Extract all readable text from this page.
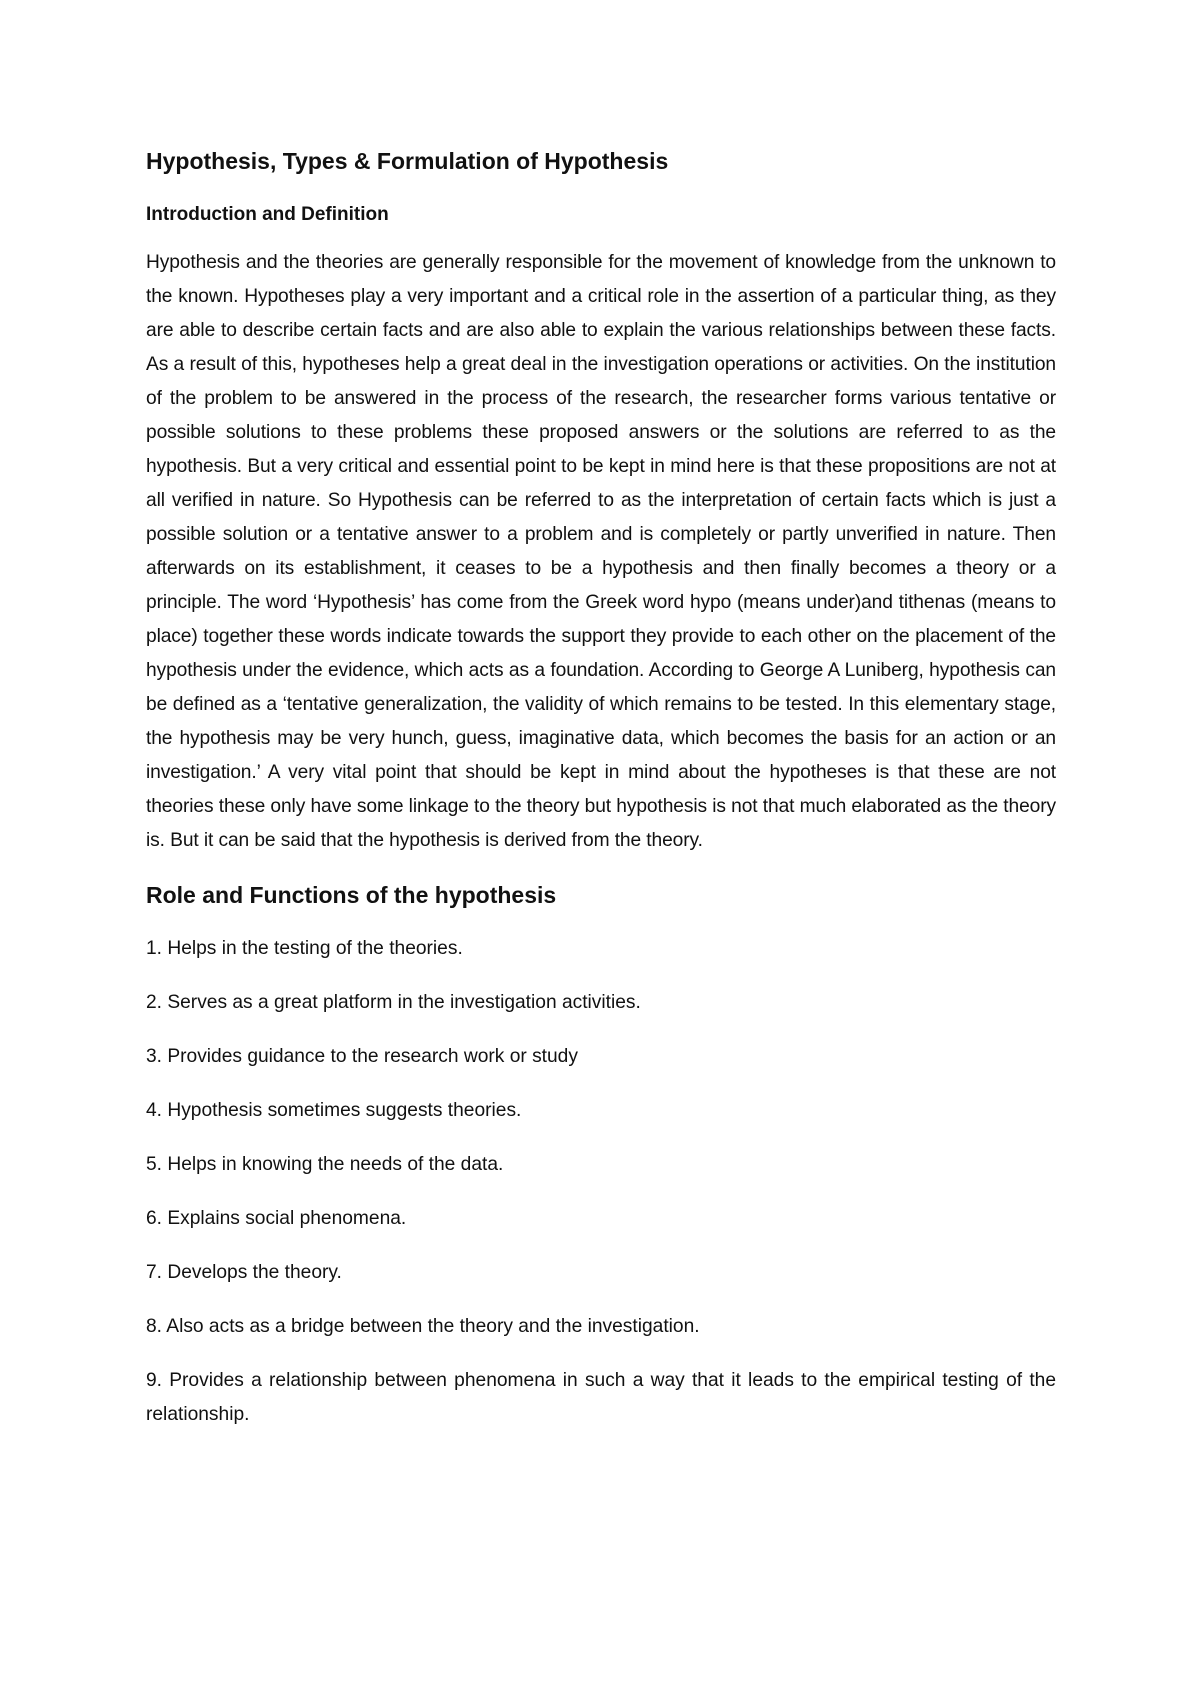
Hypothesis, Types & Formulation of Hypothesis
Introduction and Definition

Hypothesis and the theories are generally responsible for the movement of knowledge from the unknown to the known. Hypotheses play a very important and a critical role in the assertion of a particular thing, as they are able to describe certain facts and are also able to explain the various relationships between these facts. As a result of this, hypotheses help a great deal in the investigation operations or activities. On the institution of the problem to be answered in the process of the research, the researcher forms various tentative or possible solutions to these problems these proposed answers or the solutions are referred to as the hypothesis. But a very critical and essential point to be kept in mind here is that these propositions are not at all verified in nature. So Hypothesis can be referred to as the interpretation of certain facts which is just a possible solution or a tentative answer to a problem and is completely or partly unverified in nature. Then afterwards on its establishment, it ceases to be a hypothesis and then finally becomes a theory or a principle. The word ‘Hypothesis’ has come from the Greek word hypo (means under)and tithenas (means to place) together these words indicate towards the support they provide to each other on the placement of the hypothesis under the evidence, which acts as a foundation. According to George A Luniberg, hypothesis can be defined as a ‘tentative generalization, the validity of which remains to be tested. In this elementary stage, the hypothesis may be very hunch, guess, imaginative data, which becomes the basis for an action or an investigation.’ A very vital point that should be kept in mind about the hypotheses is that these are not theories these only have some linkage to the theory but hypothesis is not that much elaborated as the theory is. But it can be said that the hypothesis is derived from the theory.

Role and Functions of the hypothesis
1. Helps in the testing of the theories.
2. Serves as a great platform in the investigation activities.
3. Provides guidance to the research work or study
4. Hypothesis sometimes suggests theories.
5. Helps in knowing the needs of the data.
6. Explains social phenomena.
7. Develops the theory.
8. Also acts as a bridge between the theory and the investigation.
9. Provides a relationship between phenomena in such a way that it leads to the empirical testing of the relationship.
